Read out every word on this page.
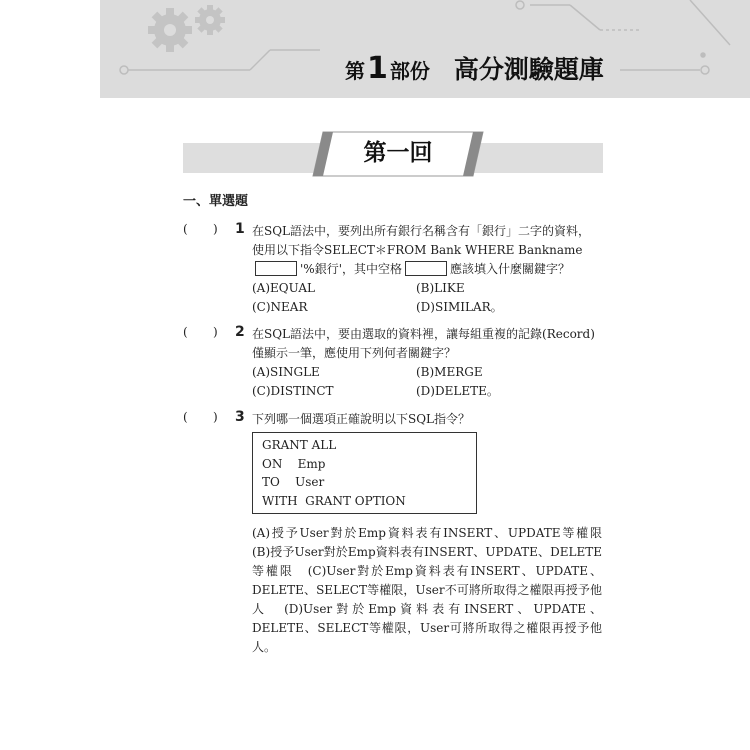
第 1 部份 高分測驗題庫
第一回
一、單選題
( ) 1 在SQL語法中，要列出所有銀行名稱含有「銀行」二字的資料，
使用以下指令SELECT＊FROM Bank WHERE Bankname
'%銀行'，其中空格	應該填入什麼關鍵字？
(A)EQUAL	(B)LIKE
(C)NEAR	(D)SIMILAR。
( ) 2 在SQL語法中，要由選取的資料裡，讓每組重複的記錄(Record)
僅顯示一筆，應使用下列何者關鍵字？
(A)SINGLE	(B)MERGE
(C)DISTINCT	(D)DELETE。
( ) 3 下列哪一個選項正確說明以下SQL指令？
GRANT ALL
ON    Emp
TO    User
WITH  GRANT OPTION
(A)授予User對於Emp資料表有INSERT、UPDATE等權限　(B)授予User對於Emp資料表有INSERT、UPDATE、DELETE等權限　(C)User對於Emp資料表有INSERT、UPDATE、DELETE、SELECT等權限，User不可將所取得之權限再授予他人　(D)User對於Emp資料表有INSERT、UPDATE、DELETE、SELECT等權限，User可將所取得之權限再授予他人。
